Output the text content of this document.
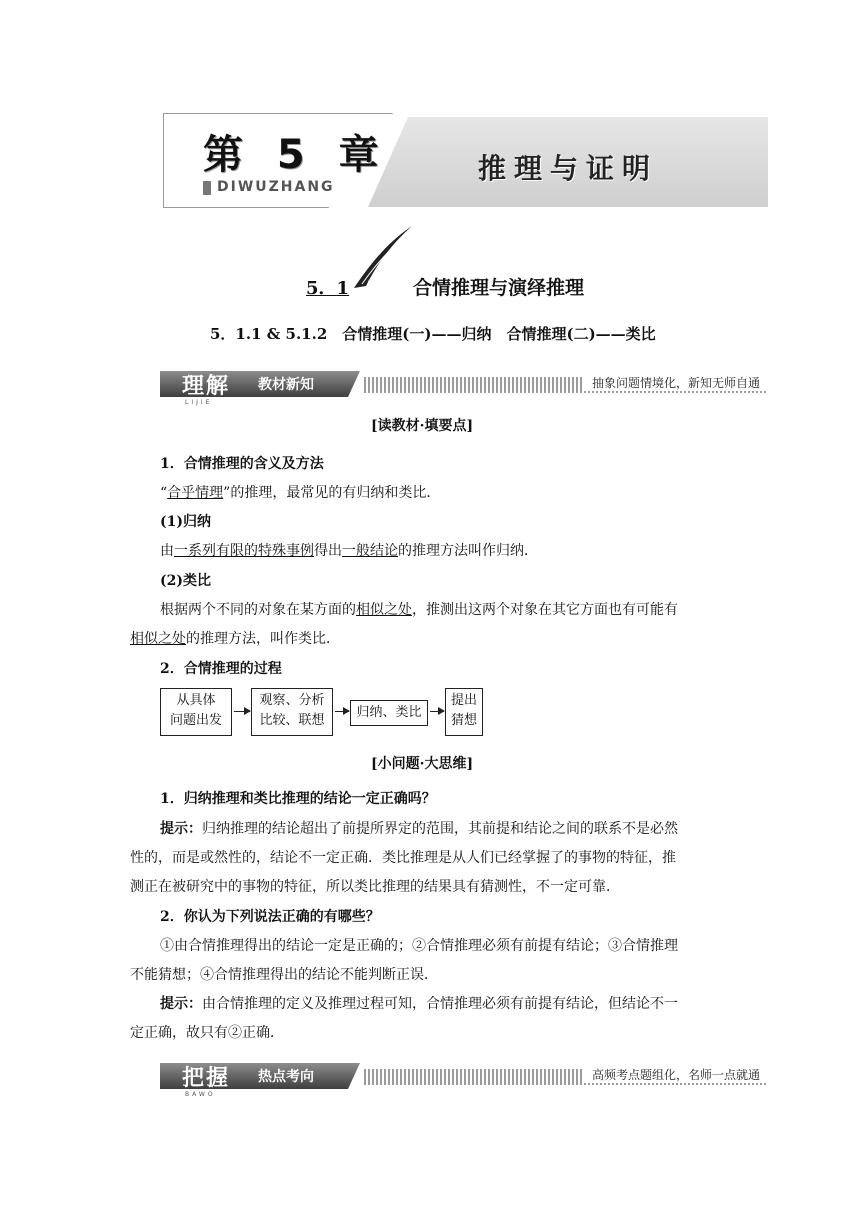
第 5 章
DIWUZHANG
推理与证明
5．1	合情推理与演绎推理
5．1.1 & 5.1.2　合情推理(一)——归纳　合情推理(二)——类比
理解 教材新知
LIJIE
抽象问题情境化，新知无师自通
[读教材·填要点]
1．合情推理的含义及方法
“合乎情理”的推理，最常见的有归纳和类比．
(1)归纳
由一系列有限的特殊事例得出一般结论的推理方法叫作归纳．
(2)类比
根据两个不同的对象在某方面的相似之处，推测出这两个对象在其它方面也有可能有
相似之处的推理方法，叫作类比．
2．合情推理的过程
从具体
问题出发
观察、分析
比较、联想
归纳、类比
提出
猜想
[小问题·大思维]
1．归纳推理和类比推理的结论一定正确吗？
提示：归纳推理的结论超出了前提所界定的范围，其前提和结论之间的联系不是必然
性的，而是或然性的，结论不一定正确．类比推理是从人们已经掌握了的事物的特征，推
测正在被研究中的事物的特征，所以类比推理的结果具有猜测性，不一定可靠．
2．你认为下列说法正确的有哪些？
①由合情推理得出的结论一定是正确的；②合情推理必须有前提有结论；③合情推理
不能猜想；④合情推理得出的结论不能判断正误．
提示：由合情推理的定义及推理过程可知，合情推理必须有前提有结论，但结论不一
定正确，故只有②正确．
把握 热点考向
BAWO
高频考点题组化，名师一点就通
